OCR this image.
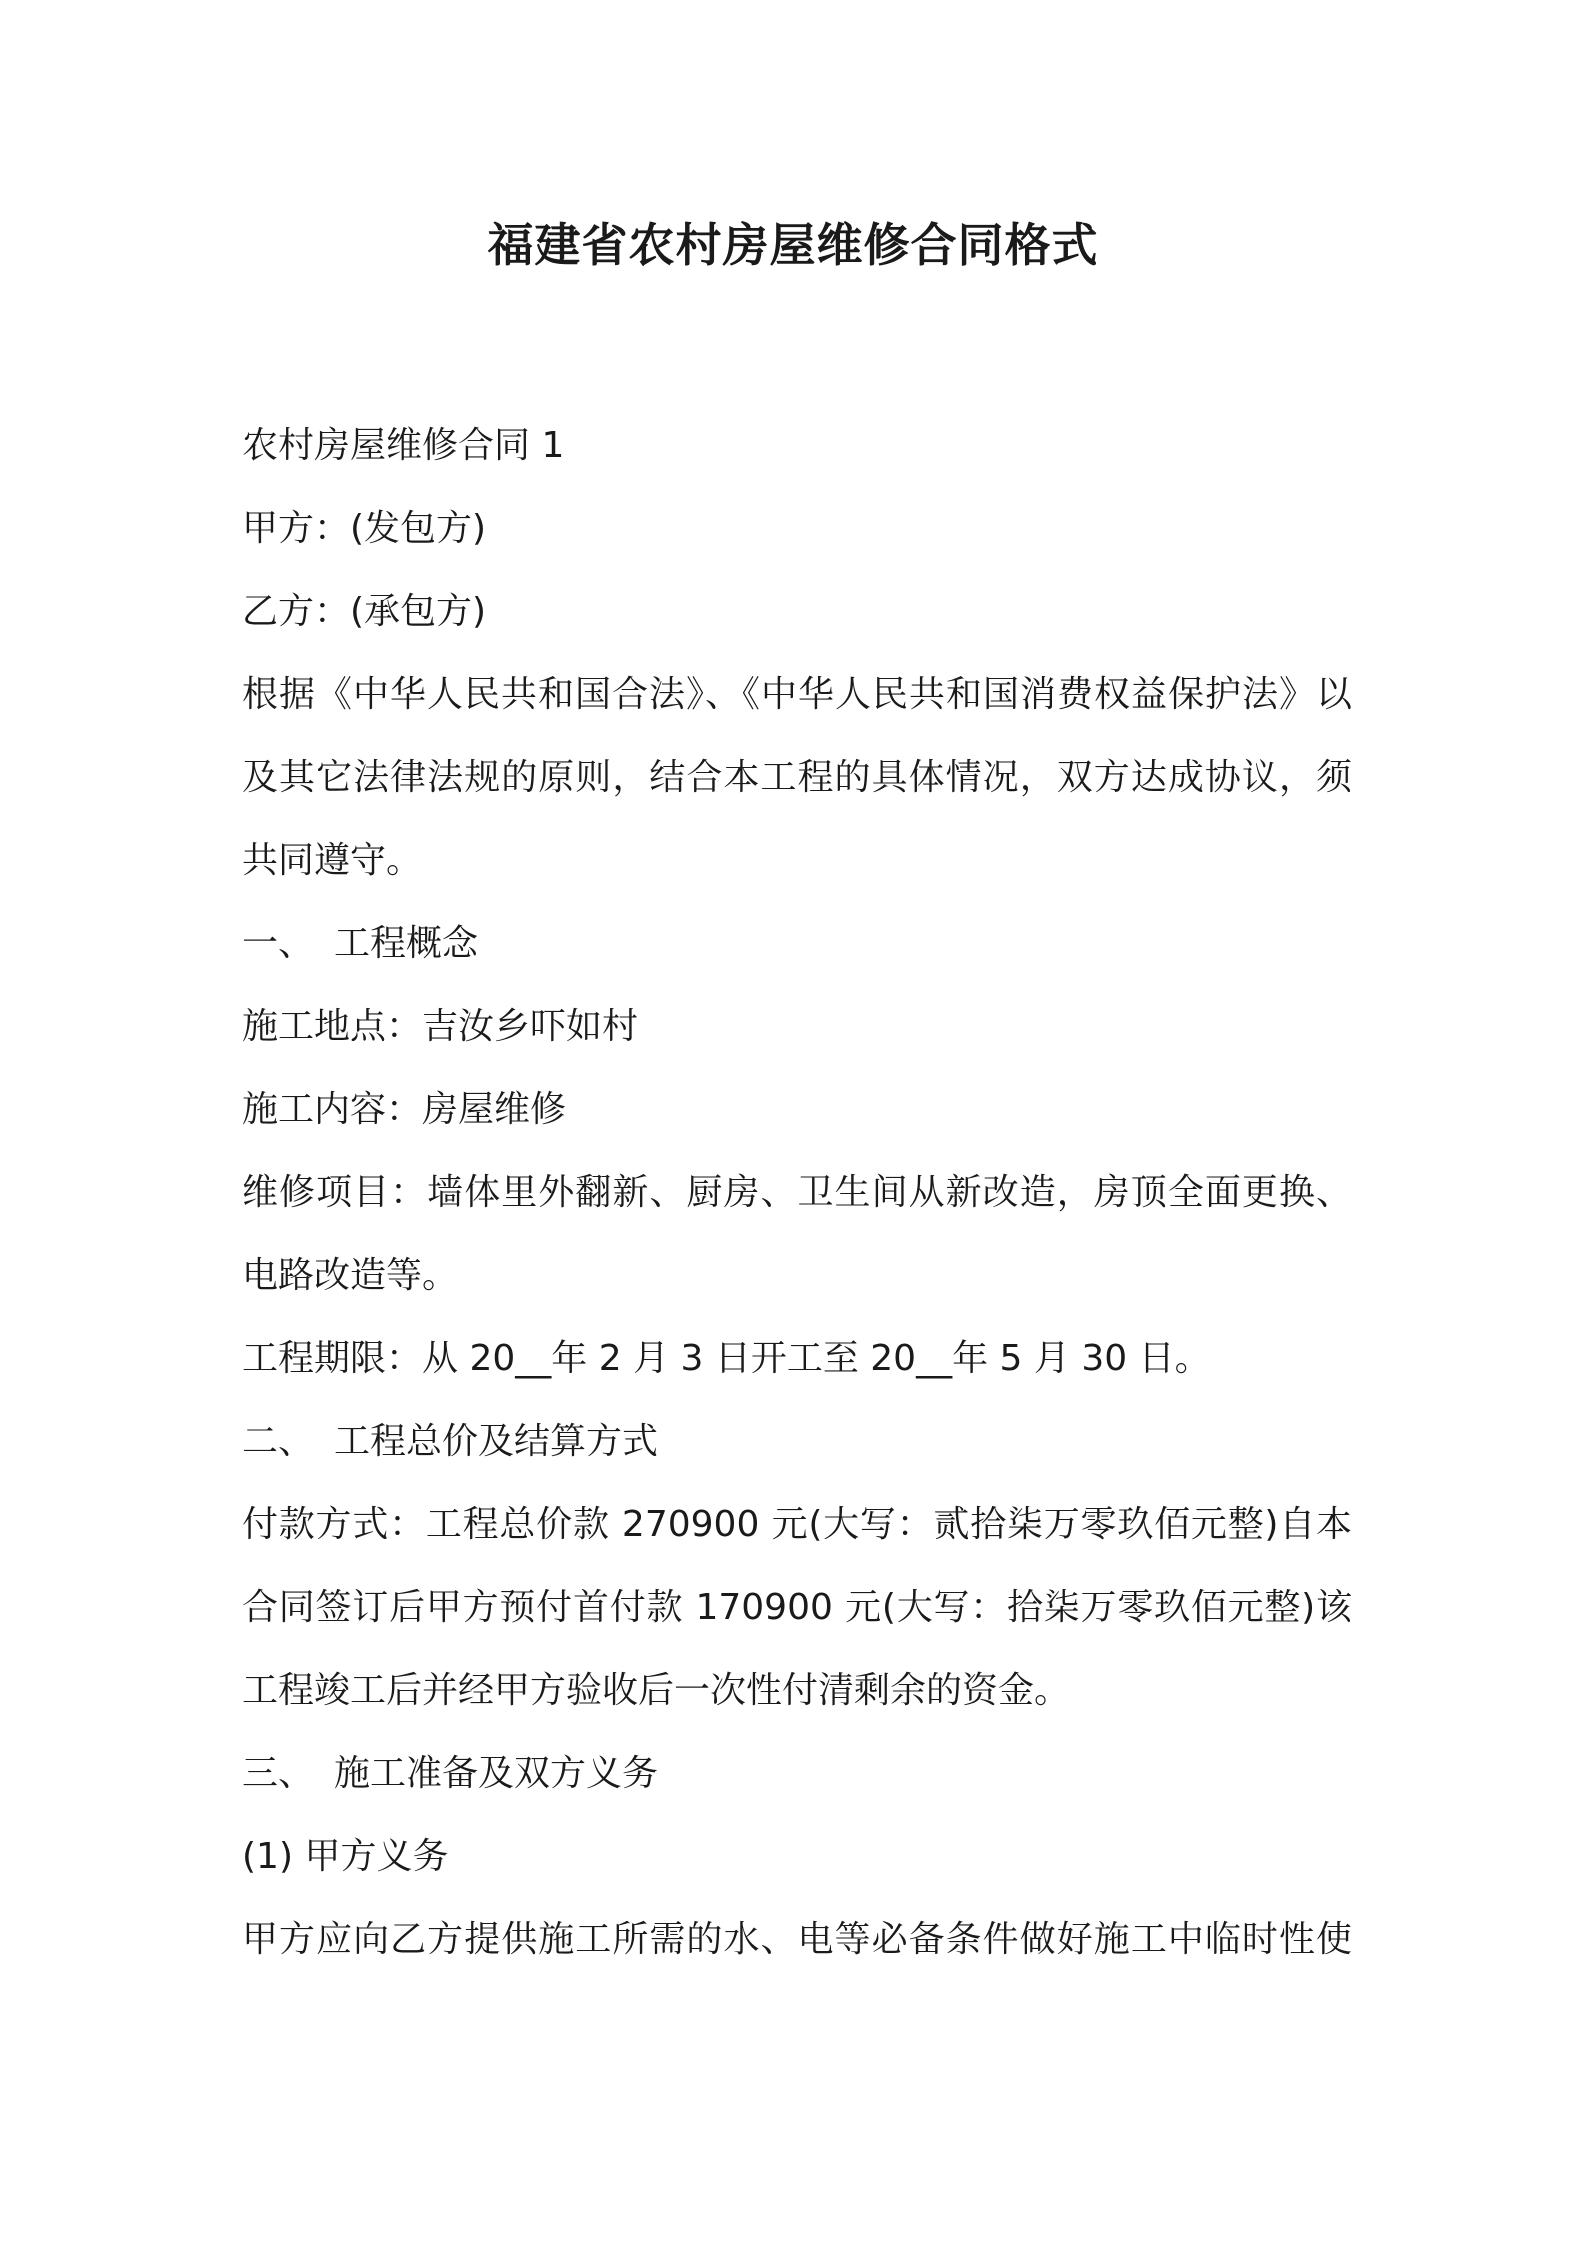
福建省农村房屋维修合同格式
农村房屋维修合同 1
甲方：(发包方)
乙方：(承包方)
根据《中华人民共和国合法》、《中华人民共和国消费权益保护法》以
及其它法律法规的原则，结合本工程的具体情况，双方达成协议，须
共同遵守。
一、 工程概念
施工地点：吉汝乡吓如村
施工内容：房屋维修
维修项目：墙体里外翻新、厨房、卫生间从新改造，房顶全面更换、
电路改造等。
工程期限：从 20__年 2 月 3 日开工至 20__年 5 月 30 日。
二、 工程总价及结算方式
付款方式：工程总价款 270900 元(大写：贰拾柒万零玖佰元整)自本
合同签订后甲方预付首付款 170900 元(大写：拾柒万零玖佰元整)该
工程竣工后并经甲方验收后一次性付清剩余的资金。
三、 施工准备及双方义务
(1) 甲方义务
甲方应向乙方提供施工所需的水、电等必备条件做好施工中临时性使
